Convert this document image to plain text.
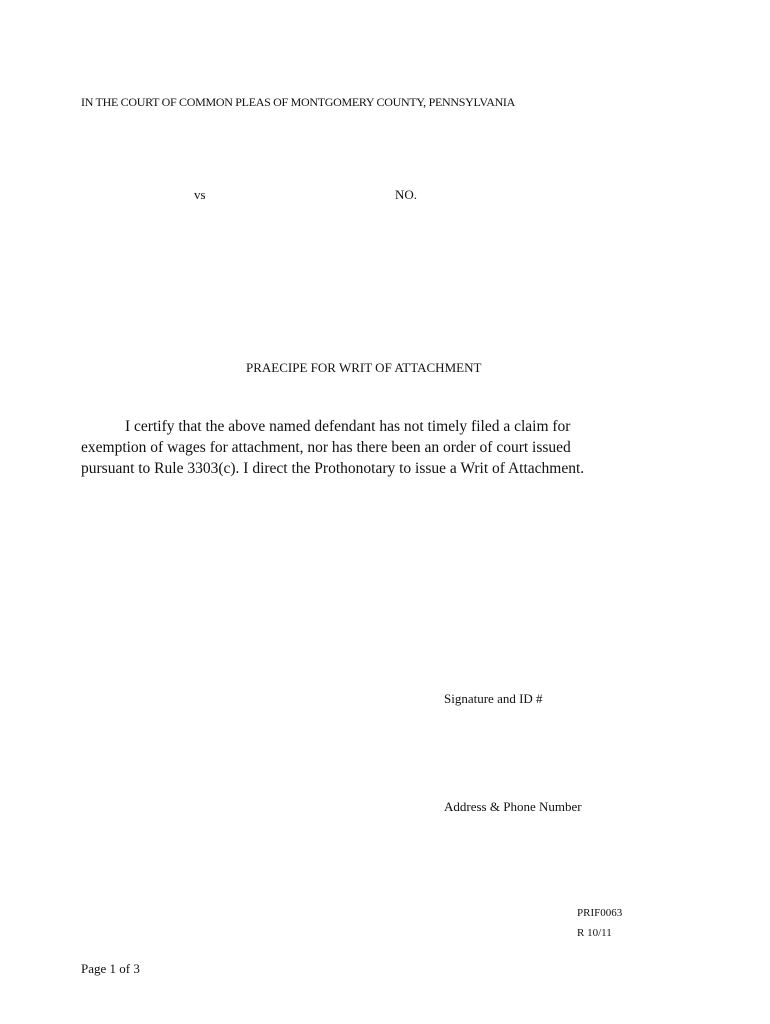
IN THE COURT OF COMMON PLEAS OF MONTGOMERY COUNTY, PENNSYLVANIA

vs	NO.

PRAECIPE FOR WRIT OF ATTACHMENT

I certify that the above named defendant has not timely filed a claim for
exemption of wages for attachment, nor has there been an order of court issued
pursuant to Rule 3303(c). I direct the Prothonotary to issue a Writ of Attachment.

Signature and ID #

Address & Phone Number

PRIF0063

R 10/11

Page 1 of 3
